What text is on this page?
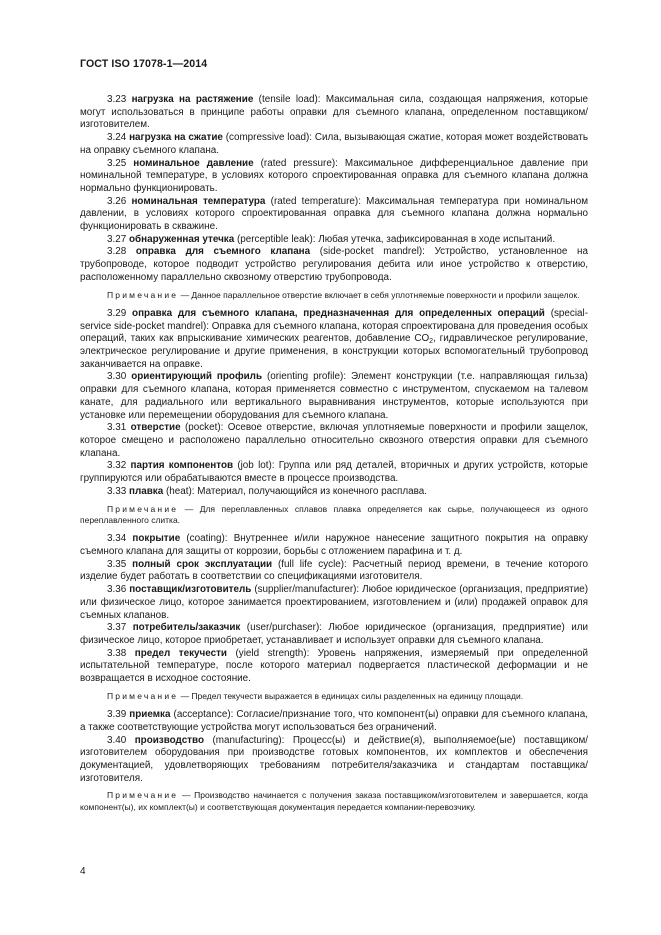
ГОСТ ISO 17078-1—2014

3.23 нагрузка на растяжение (tensile load): Максимальная сила, создающая напряжения, которые могут использоваться в принципе работы оправки для съемного клапана, определенном поставщиком/изготовителем.

3.24 нагрузка на сжатие (compressive load): Сила, вызывающая сжатие, которая может воздействовать на оправку съемного клапана.

3.25 номинальное давление (rated pressure): Максимальное дифференциальное давление при номинальной температуре, в условиях которого спроектированная оправка для съемного клапана должна нормально функционировать.

3.26 номинальная температура (rated temperature): Максимальная температура при номинальном давлении, в условиях которого спроектированная оправка для съемного клапана должна нормально функционировать в скважине.

3.27 обнаруженная утечка (perceptible leak): Любая утечка, зафиксированная в ходе испытаний.

3.28 оправка для съемного клапана (side-pocket mandrel): Устройство, установленное на трубопроводе, которое подводит устройство регулирования дебита или иное устройство к отверстию, расположенному параллельно сквозному отверстию трубопровода.

Примечание — Данное параллельное отверстие включает в себя уплотняемые поверхности и профили защелок.

3.29 оправка для съемного клапана, предназначенная для определенных операций (special-service side-pocket mandrel): Оправка для съемного клапана, которая спроектирована для проведения особых операций, таких как впрыскивание химических реагентов, добавление $CO_2$, гидравлическое регулирование, электрическое регулирование и другие применения, в конструкции которых вспомогательный трубопровод заканчивается на оправке.

3.30 ориентирующий профиль (orienting profile): Элемент конструкции (т.е. направляющая гильза) оправки для съемного клапана, которая применяется совместно с инструментом, спускаемом на талевом канате, для радиального или вертикального выравнивания инструментов, которые используются при установке или перемещении оборудования для съемного клапана.

3.31 отверстие (pocket): Осевое отверстие, включая уплотняемые поверхности и профили защелок, которое смещено и расположено параллельно относительно сквозного отверстия оправки для съемного клапана.

3.32 партия компонентов (job lot): Группа или ряд деталей, вторичных и других устройств, которые группируются или обрабатываются вместе в процессе производства.

3.33 плавка (heat): Материал, получающийся из конечного расплава.

Примечание — Для переплавленных сплавов плавка определяется как сырье, получающееся из одного переплавленного слитка.

3.34 покрытие (coating): Внутреннее и/или наружное нанесение защитного покрытия на оправку съемного клапана для защиты от коррозии, борьбы с отложением парафина и т. д.

3.35 полный срок эксплуатации (full life cycle): Расчетный период времени, в течение которого изделие будет работать в соответствии со спецификациями изготовителя.

3.36 поставщик/изготовитель (supplier/manufacturer): Любое юридическое (организация, предприятие) или физическое лицо, которое занимается проектированием, изготовлением и (или) продажей оправок для съемных клапанов.

3.37 потребитель/заказчик (user/purchaser): Любое юридическое (организация, предприятие) или физическое лицо, которое приобретает, устанавливает и использует оправки для съемного клапана.

3.38 предел текучести (yield strength): Уровень напряжения, измеряемый при определенной испытательной температуре, после которого материал подвергается пластической деформации и не возвращается в исходное состояние.

Примечание — Предел текучести выражается в единицах силы разделенных на единицу площади.

3.39 приемка (acceptance): Согласие/признание того, что компонент(ы) оправки для съемного клапана, а также соответствующие устройства могут использоваться без ограничений.

3.40 производство (manufacturing): Процесс(ы) и действие(я), выполняемое(ые) поставщиком/изготовителем оборудования при производстве готовых компонентов, их комплектов и обеспечения документацией, удовлетворяющих требованиям потребителя/заказчика и стандартам поставщика/изготовителя.

Примечание — Производство начинается с получения заказа поставщиком/изготовителем и завершается, когда компонент(ы), их комплект(ы) и соответствующая документация передается компании-перевозчику.

4
